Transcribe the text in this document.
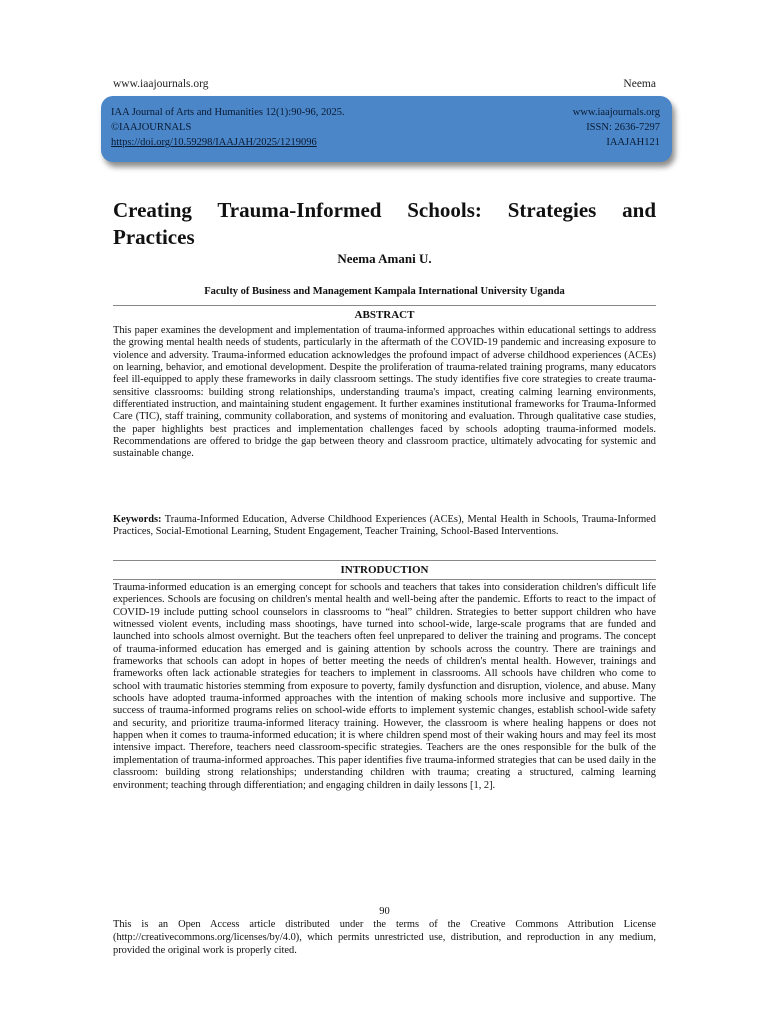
www.iaajournals.org	Neema
IAA Journal of Arts and Humanities 12(1):90-96, 2025.
©IAAJOURNALS
https://doi.org/10.59298/IAAJAH/2025/1219096
www.iaajournals.org
ISSN: 2636-7297
IAAJAH121
Creating Trauma-Informed Schools: Strategies and Practices
Neema Amani U.
Faculty of Business and Management Kampala International University Uganda
ABSTRACT

This paper examines the development and implementation of trauma-informed approaches within educational settings to address the growing mental health needs of students, particularly in the aftermath of the COVID-19 pandemic and increasing exposure to violence and adversity. Trauma-informed education acknowledges the profound impact of adverse childhood experiences (ACEs) on learning, behavior, and emotional development. Despite the proliferation of trauma-related training programs, many educators feel ill-equipped to apply these frameworks in daily classroom settings. The study identifies five core strategies to create trauma-sensitive classrooms: building strong relationships, understanding trauma's impact, creating calming learning environments, differentiated instruction, and maintaining student engagement. It further examines institutional frameworks for Trauma-Informed Care (TIC), staff training, community collaboration, and systems of monitoring and evaluation. Through qualitative case studies, the paper highlights best practices and implementation challenges faced by schools adopting trauma-informed models. Recommendations are offered to bridge the gap between theory and classroom practice, ultimately advocating for systemic and sustainable change.

Keywords: Trauma-Informed Education, Adverse Childhood Experiences (ACEs), Mental Health in Schools, Trauma-Informed Practices, Social-Emotional Learning, Student Engagement, Teacher Training, School-Based Interventions.

INTRODUCTION

Trauma-informed education is an emerging concept for schools and teachers that takes into consideration children's difficult life experiences. Schools are focusing on children's mental health and well-being after the pandemic. Efforts to react to the impact of COVID-19 include putting school counselors in classrooms to “heal” children. Strategies to better support children who have witnessed violent events, including mass shootings, have turned into school-wide, large-scale programs that are funded and launched into schools almost overnight. But the teachers often feel unprepared to deliver the training and programs. The concept of trauma-informed education has emerged and is gaining attention by schools across the country. There are trainings and frameworks that schools can adopt in hopes of better meeting the needs of children's mental health. However, trainings and frameworks often lack actionable strategies for teachers to implement in classrooms. All schools have children who come to school with traumatic histories stemming from exposure to poverty, family dysfunction and disruption, violence, and abuse. Many schools have adopted trauma-informed approaches with the intention of making schools more inclusive and supportive. The success of trauma-informed programs relies on school-wide efforts to implement systemic changes, establish school-wide safety and security, and prioritize trauma-informed literacy training. However, the classroom is where healing happens or does not happen when it comes to trauma-informed education; it is where children spend most of their waking hours and may feel its most intensive impact. Therefore, teachers need classroom-specific strategies. Teachers are the ones responsible for the bulk of the implementation of trauma-informed approaches. This paper identifies five trauma-informed strategies that can be used daily in the classroom: building strong relationships; understanding children with trauma; creating a structured, calming learning environment; teaching through differentiation; and engaging children in daily lessons [1, 2].

90

This is an Open Access article distributed under the terms of the Creative Commons Attribution License (http://creativecommons.org/licenses/by/4.0), which permits unrestricted use, distribution, and reproduction in any medium, provided the original work is properly cited.
